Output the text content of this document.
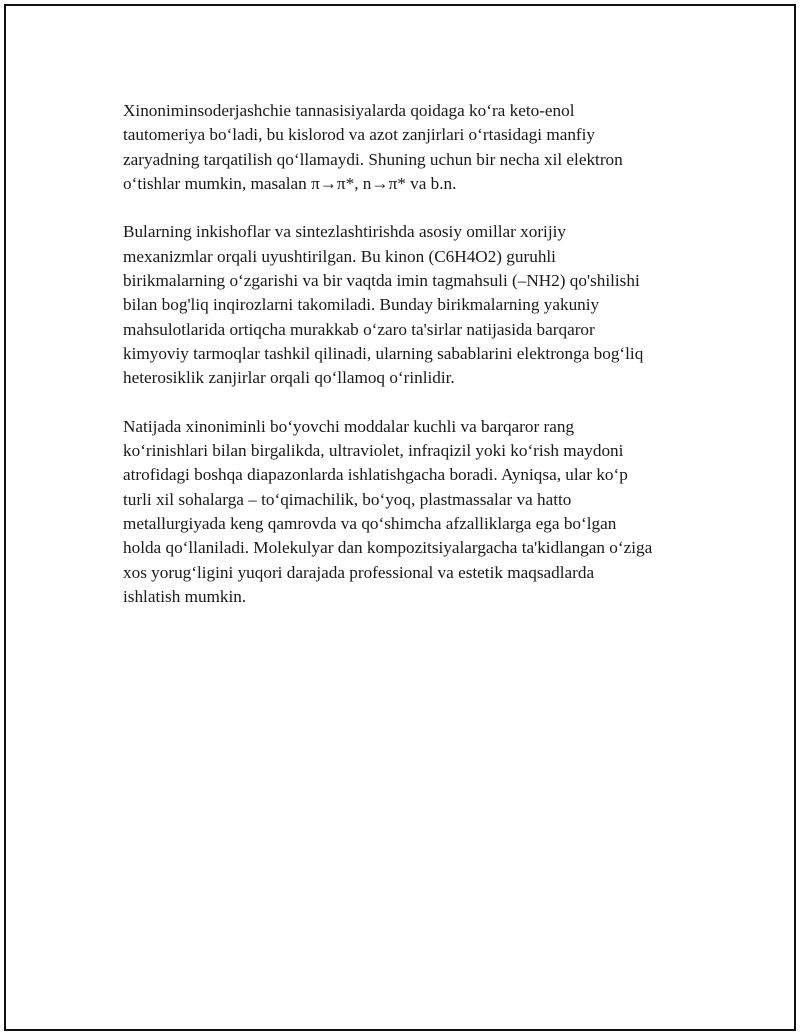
Xinoniminsoderjashchie tannasisiyalarda qoidaga ko‘ra keto-enol
tautomeriya bo‘ladi, bu kislorod va azot zanjirlari o‘rtasidagi manfiy
zaryadning tarqatilish qo‘llamaydi. Shuning uchun bir necha xil elektron
o‘tishlar mumkin, masalan π→π*, n→π* va b.n.

Bularning inkishoflar va sintezlashtirishda asosiy omillar xorijiy
mexanizmlar orqali uyushtirilgan. Bu kinon (C6H4O2) guruhli
birikmalarning o‘zgarishi va bir vaqtda imin tagmahsuli (–NH2) qo'shilishi
bilan bog'liq inqirozlarni takomiladi. Bunday birikmalarning yakuniy
mahsulotlarida ortiqcha murakkab o‘zaro ta'sirlar natijasida barqaror
kimyoviy tarmoqlar tashkil qilinadi, ularning sabablarini elektronga bog‘liq
heterosiklik zanjirlar orqali qo‘llamoq o‘rinlidir.

Natijada xinoniminli bo‘yovchi moddalar kuchli va barqaror rang
ko‘rinishlari bilan birgalikda, ultraviolet, infraqizil yoki ko‘rish maydoni
atrofidagi boshqa diapazonlarda ishlatishgacha boradi. Ayniqsa, ular ko‘p
turli xil sohalarga – to‘qimachilik, bo‘yoq, plastmassalar va hatto
metallurgiyada keng qamrovda va qo‘shimcha afzalliklarga ega bo‘lgan
holda qo‘llaniladi. Molekulyar dan kompozitsiyalargacha ta'kidlangan o‘ziga
xos yorug‘ligini yuqori darajada professional va estetik maqsadlarda
ishlatish mumkin.
